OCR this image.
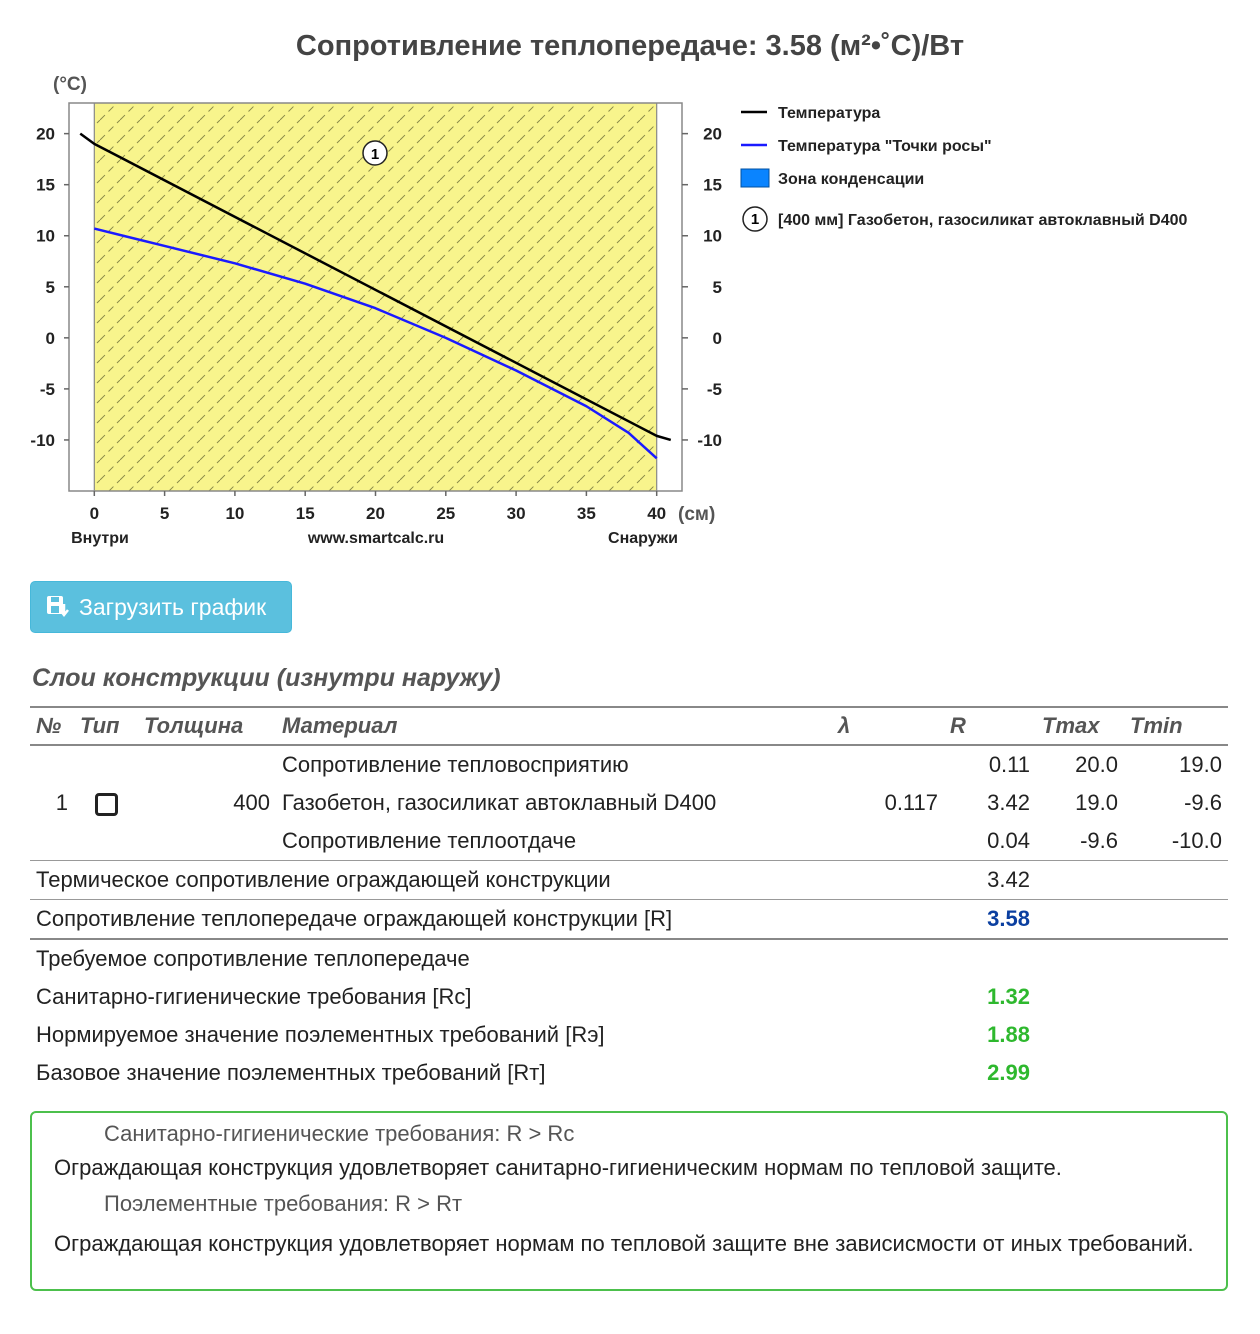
Сопротивление теплопередаче: 3.58 (м²•˚С)/Вт
20	20
15	15
10	10
5	5
0	0
-5	-5
-10	-10
0	5	10	15	20	25	30	35	40
(°С)
(см)
Внутри	www.smartcalc.ru	Снаружи
1
Температура
Температура "Точки росы"
Зона конденсации
1 [400 мм] Газобетон, газосиликат автоклавный D400
Загрузить график
Слои конструкции (изнутри наружу)
№	Тип	Толщина	Материал	λ	R	Tmax	Tmin
			Сопротивление тепловосприятию		0.11	20.0	19.0
1		400	Газобетон, газосиликат автоклавный D400	0.117	3.42	19.0	-9.6
			Сопротивление теплоотдаче		0.04	-9.6	-10.0
Термическое сопротивление ограждающей конструкции					3.42		
Сопротивление теплопередаче ограждающей конструкции [R]					3.58		
Требуемое сопротивление теплопередаче							
Санитарно-гигиенические требования [Rс]					1.32		
Нормируемое значение поэлементных требований [Rэ]					1.88		
Базовое значение поэлементных требований [Rт]					2.99		
Санитарно-гигиенические требования: R > Rс
Ограждающая конструкция удовлетворяет санитарно-гигиеническим нормам по тепловой защите.
Поэлементные требования: R > Rт
Ограждающая конструкция удовлетворяет нормам по тепловой защите вне зависисмости от иных требований.
